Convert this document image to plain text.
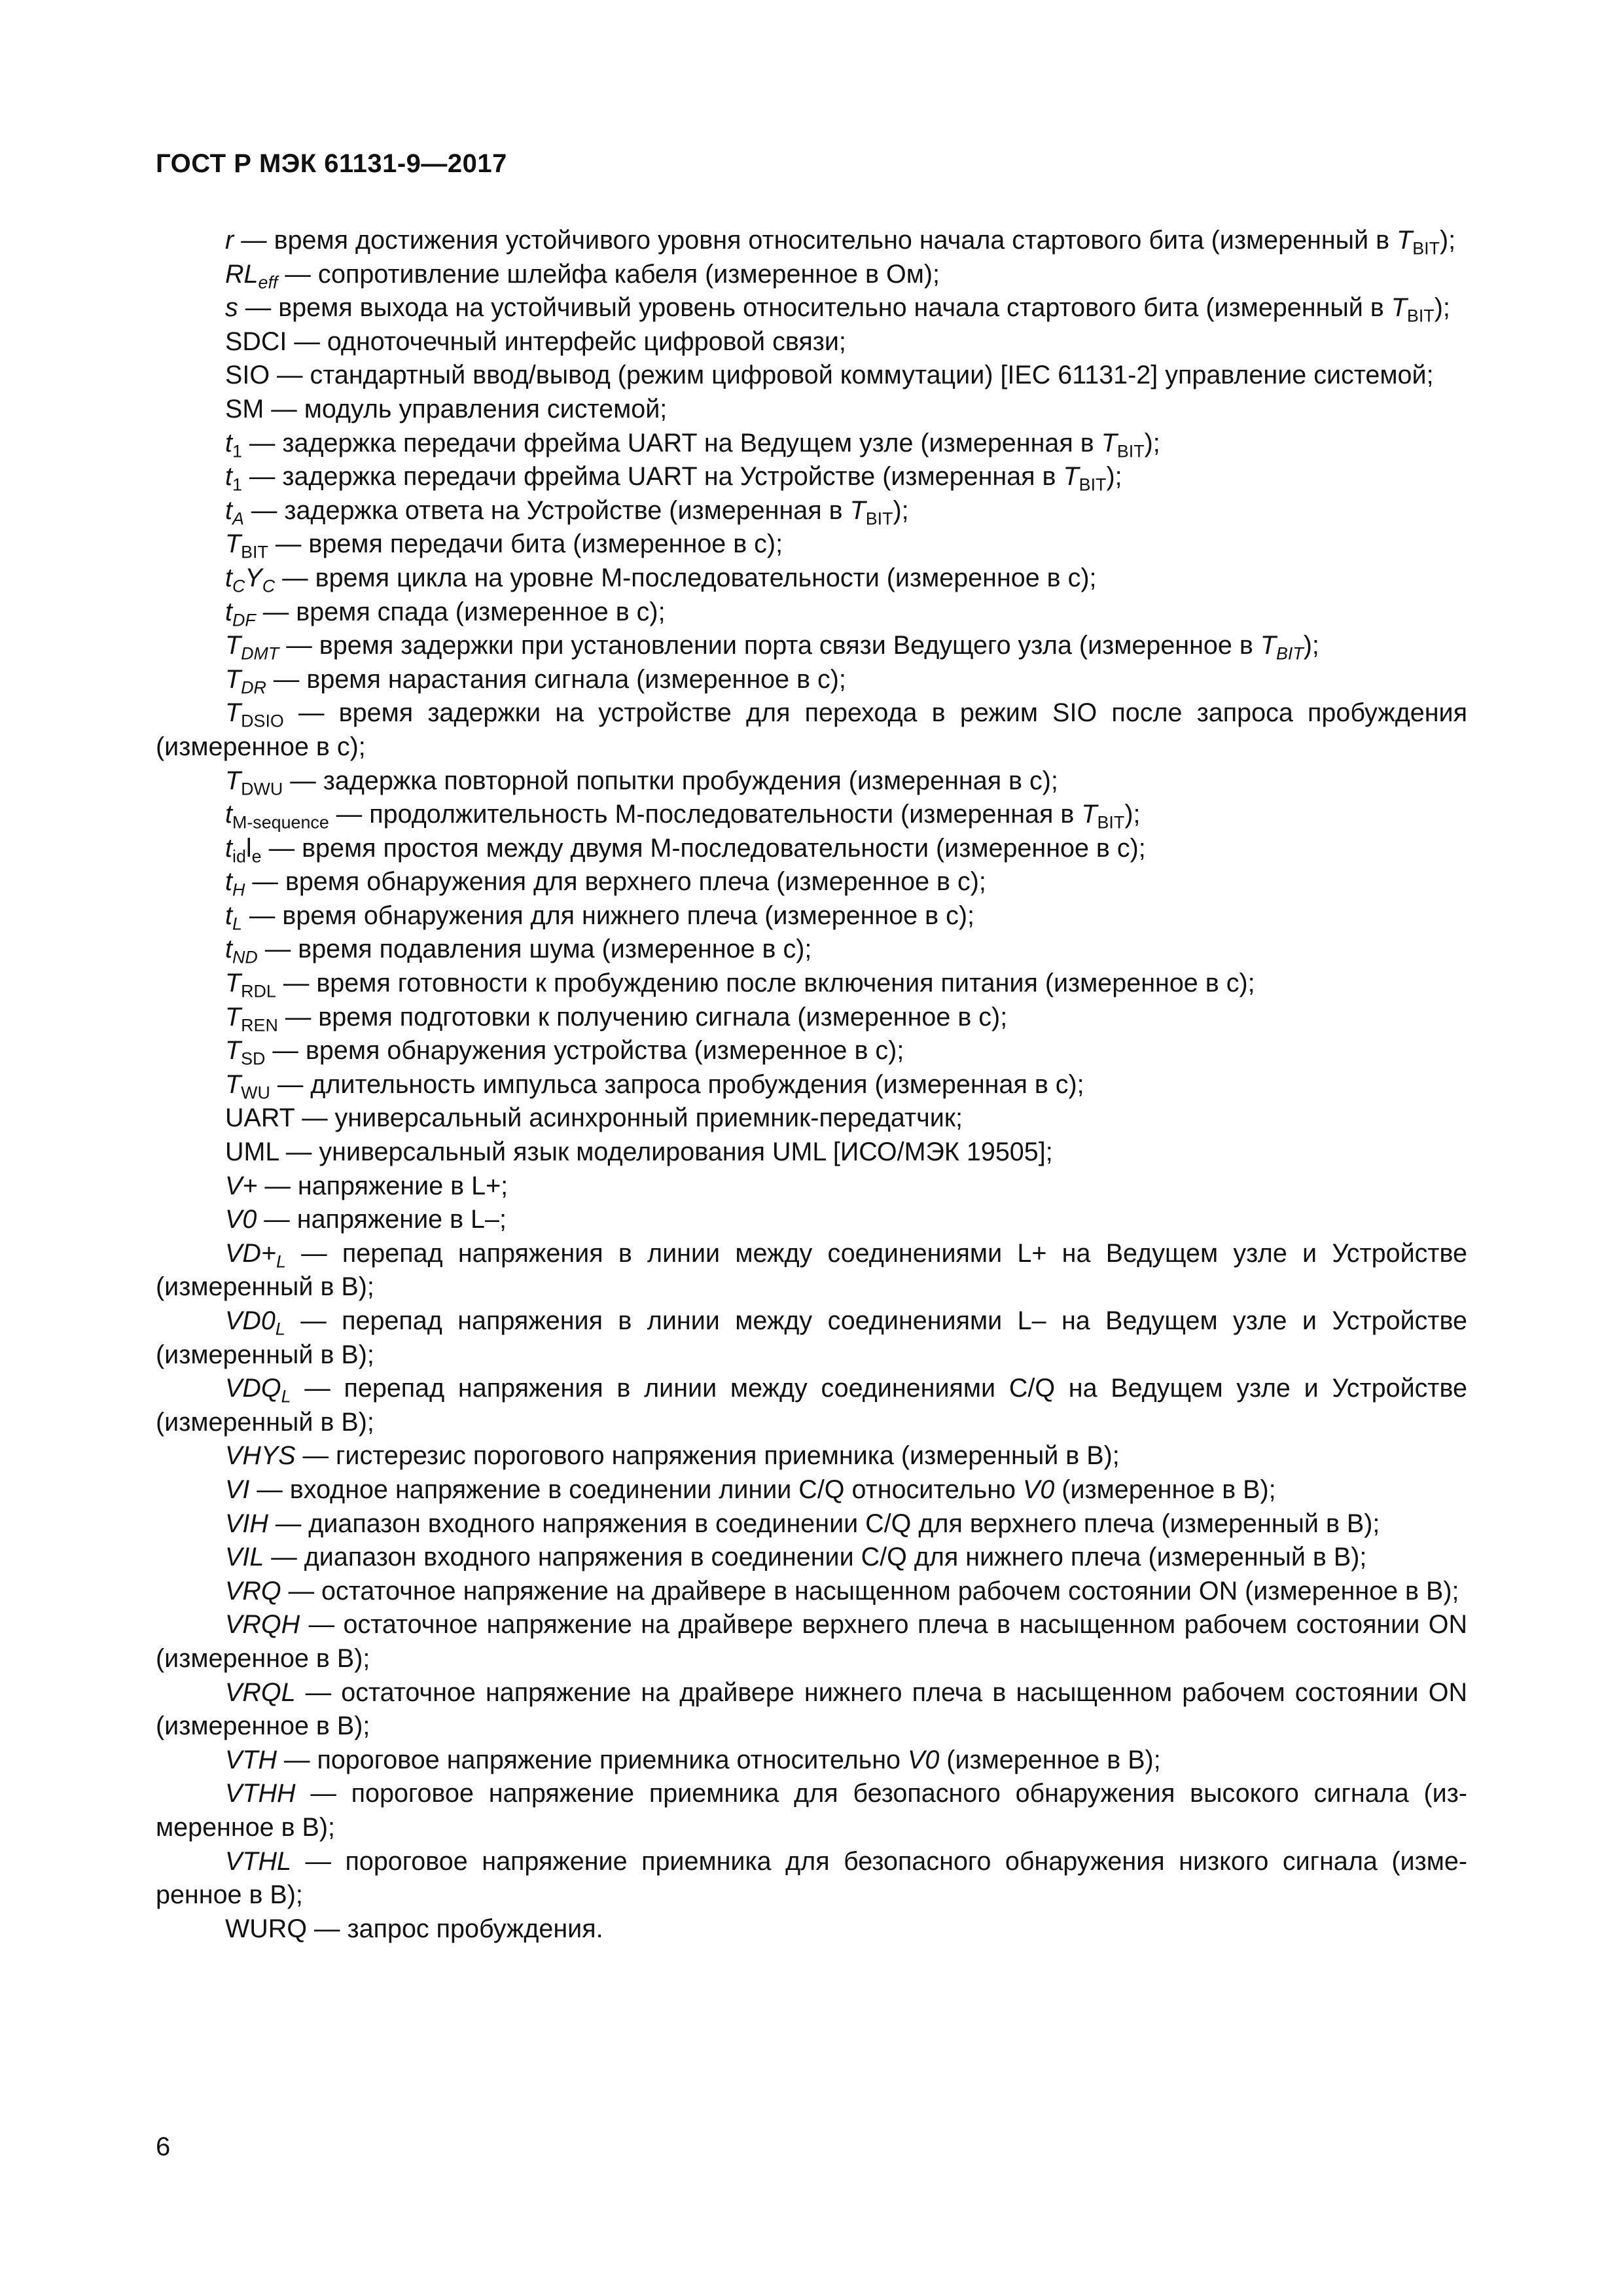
ГОСТ Р МЭК 61131-9—2017

r — время достижения устойчивого уровня относительно начала стартового бита (измеренный в $T_{BIT}$);

$RL_{eff}$ — сопротивление шлейфа кабеля (измеренное в Ом);

s — время выхода на устойчивый уровень относительно начала стартового бита (измеренный в $T_{BIT}$);

SDCI — одноточечный интерфейс цифровой связи;

SIO — стандартный ввод/вывод (режим цифровой коммутации) [IEC 61131-2] управление системой;

SM — модуль управления системой;

$t_1$ — задержка передачи фрейма UART на Ведущем узле (измеренная в $T_{BIT}$);

$t_1$ — задержка передачи фрейма UART на Устройстве (измеренная в $T_{BIT}$);

$t_A$ — задержка ответа на Устройстве (измеренная в $T_{BIT}$);

$T_{BIT}$ — время передачи бита (измеренное в с);

$t_CY_C$ — время цикла на уровне М-последовательности (измеренное в с);

$t_{DF}$ — время спада (измеренное в с);

$T_{DMT}$ — время задержки при установлении порта связи Ведущего узла (измеренное в $T_{BIT}$);

$T_{DR}$ — время нарастания сигнала (измеренное в с);

$T_{DSIO}$ — время задержки на устройстве для перехода в режим SIO после запроса пробуждения (измеренное в с);

$T_{DWU}$ — задержка повторной попытки пробуждения (измеренная в с);

$t_{M-sequence}$ — продолжительность М-последовательности (измеренная в $T_{BIT}$);

$t_{id}l_e$ — время простоя между двумя М-последовательности (измеренное в с);

$t_H$ — время обнаружения для верхнего плеча (измеренное в с);

$t_L$ — время обнаружения для нижнего плеча (измеренное в с);

$t_{ND}$ — время подавления шума (измеренное в с);

$T_{RDL}$ — время готовности к пробуждению после включения питания (измеренное в с);

$T_{REN}$ — время подготовки к получению сигнала (измеренное в с);

$T_{SD}$ — время обнаружения устройства (измеренное в с);

$T_{WU}$ — длительность импульса запроса пробуждения (измеренная в с);

UART — универсальный асинхронный приемник-передатчик;

UML — универсальный язык моделирования UML [ИСО/МЭК 19505];

V+ — напряжение в L+;

V0 — напряжение в L–;

$VD+_L$ — перепад напряжения в линии между соединениями L+ на Ведущем узле и Устройстве (измеренный в В);

$VD0_L$ — перепад напряжения в линии между соединениями L– на Ведущем узле и Устройстве (измеренный в В);

$VDQ_L$ — перепад напряжения в линии между соединениями C/Q на Ведущем узле и Устройстве (измеренный в В);

VHYS — гистерезис порогового напряжения приемника (измеренный в В);

VI — входное напряжение в соединении линии C/Q относительно V0 (измеренное в В);

VIH — диапазон входного напряжения в соединении C/Q для верхнего плеча (измеренный в В);

VIL — диапазон входного напряжения в соединении C/Q для нижнего плеча (измеренный в В);

VRQ — остаточное напряжение на драйвере в насыщенном рабочем состоянии ON (измеренное в В);

VRQH — остаточное напряжение на драйвере верхнего плеча в насыщенном рабочем состоянии ON (измеренное в В);

VRQL — остаточное напряжение на драйвере нижнего плеча в насыщенном рабочем состоянии ON (измеренное в В);

VTH — пороговое напряжение приемника относительно V0 (измеренное в В);

VTHH — пороговое напряжение приемника для безопасного обнаружения высокого сигнала (измеренное в В);

VTHL — пороговое напряжение приемника для безопасного обнаружения низкого сигнала (измеренное в В);

WURQ — запрос пробуждения.

6
